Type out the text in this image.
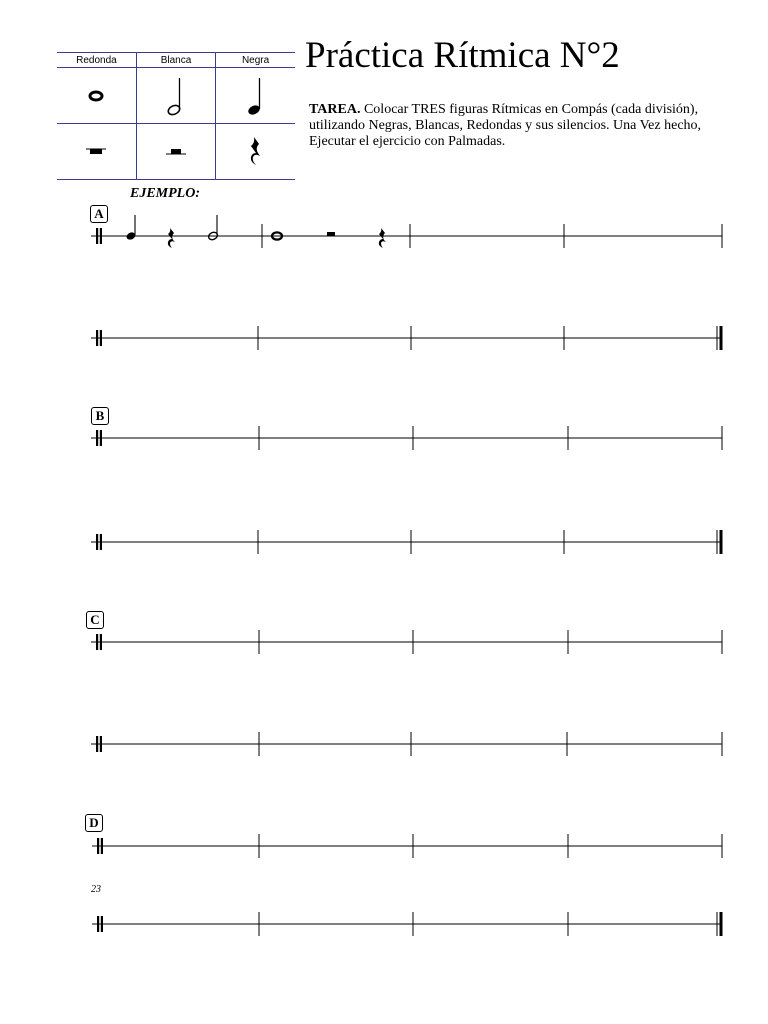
Redonda	Blanca	Negra

	Práctica Rítmica N°2
TAREA. Colocar TRES figuras Rítmicas en Compás (cada división), utilizando Negras, Blancas, Redondas y sus silencios. Una Vez hecho, Ejecutar el ejercicio con Palmadas.
EJEMPLO:
A
B
C
D
23
